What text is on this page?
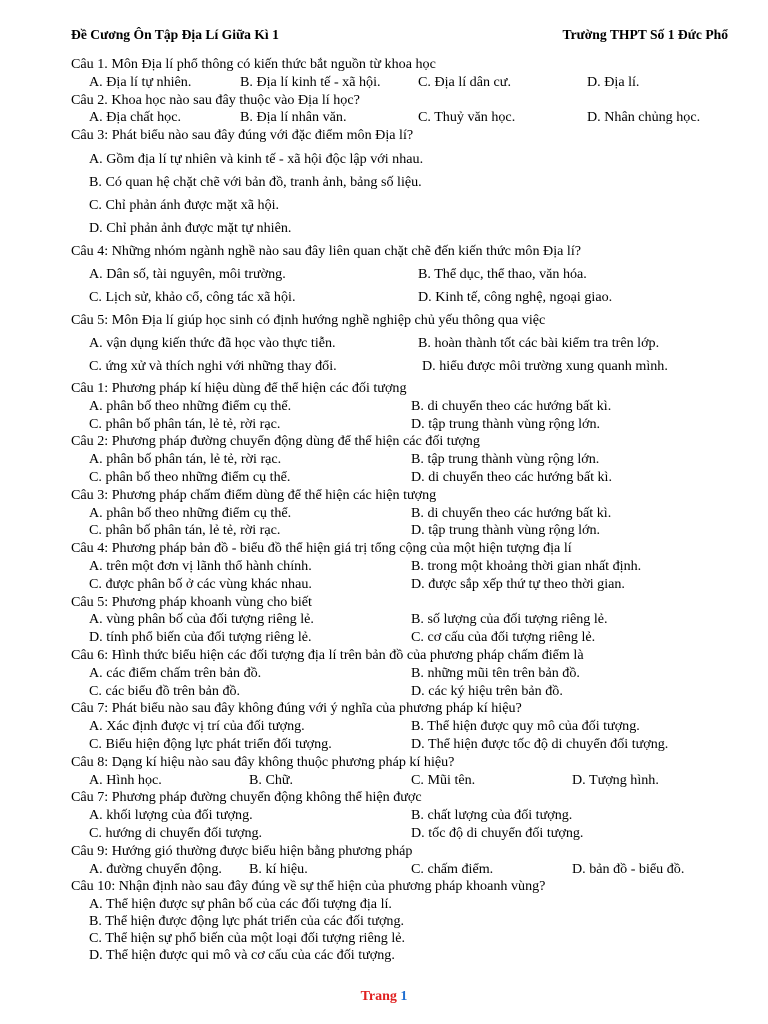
Đề Cương Ôn Tập Địa Lí Giữa Kì 1	Trường THPT Số 1 Đức Phổ
Câu 1. Môn Địa lí phổ thông có kiến thức bắt nguồn từ khoa học
A. Địa lí tự nhiên.	B. Địa lí kinh tế - xã hội.	C. Địa lí dân cư.	D. Địa lí.
Câu 2. Khoa học nào sau đây thuộc vào Địa lí học?
A. Địa chất học.	B. Địa lí nhân văn.	C. Thuỷ văn học.	D. Nhân chủng học.
Câu 3: Phát biểu nào sau đây đúng với đặc điểm môn Địa lí?
A. Gồm địa lí tự nhiên và kinh tế - xã hội độc lập với nhau.
B. Có quan hệ chặt chẽ với bản đồ, tranh ảnh, bảng số liệu.
C. Chỉ phản ánh được mặt xã hội.
D. Chỉ phản ảnh được mặt tự nhiên.
Câu 4: Những nhóm ngành nghề nào sau đây liên quan chặt chẽ đến kiến thức môn Địa lí?
A. Dân số, tài nguyên, môi trường.	B. Thể dục, thể thao, văn hóa.
C. Lịch sử, khảo cổ, công tác xã hội.	D. Kinh tế, công nghệ, ngoại giao.
Câu 5: Môn Địa lí giúp học sinh có định hướng nghề nghiệp chủ yếu thông qua việc
A. vận dụng kiến thức đã học vào thực tiễn.	B. hoàn thành tốt các bài kiểm tra trên lớp.
C. ứng xử và thích nghi với những thay đổi.	D. hiểu được môi trường xung quanh mình.
Câu 1: Phương pháp kí hiệu dùng để thể hiện các đối tượng
A. phân bố theo những điểm cụ thể.	B. di chuyển theo các hướng bất kì.
C. phân bố phân tán, lẻ tẻ, rời rạc.	D. tập trung thành vùng rộng lớn.
Câu 2: Phương pháp đường chuyển động dùng để thể hiện các đối tượng
A. phân bố phân tán, lẻ tẻ, rời rạc.	B. tập trung thành vùng rộng lớn.
C. phân bố theo những điểm cụ thể.	D. di chuyển theo các hướng bất kì.
Câu 3: Phương pháp chấm điểm dùng để thể hiện các hiện tượng
A. phân bố theo những điểm cụ thể.	B. di chuyển theo các hướng bất kì.
C. phân bố phân tán, lẻ tẻ, rời rạc.	D. tập trung thành vùng rộng lớn.
Câu 4: Phương pháp bản đồ - biểu đồ thể hiện giá trị tổng cộng của một hiện tượng địa lí
A. trên một đơn vị lãnh thổ hành chính.	B. trong một khoảng thời gian nhất định.
C. được phân bố ở các vùng khác nhau.	D. được sắp xếp thứ tự theo thời gian.
Câu 5: Phương pháp khoanh vùng cho biết
A. vùng phân bố của đối tượng riêng lẻ.	B. số lượng của đối tượng riêng lẻ.
D. tính phổ biến của đối tượng riêng lẻ.	C. cơ cấu của đối tượng riêng lẻ.
Câu 6: Hình thức biểu hiện các đối tượng địa lí trên bản đồ của phương pháp chấm điểm là
A. các điểm chấm trên bản đồ.	B. những mũi tên trên bản đồ.
C. các biểu đồ trên bản đồ.	D. các ký hiệu trên bản đồ.
Câu 7: Phát biểu nào sau đây không đúng với ý nghĩa của phương pháp kí hiệu?
A. Xác định được vị trí của đối tượng.	B. Thể hiện được quy mô của đối tượng.
C. Biểu hiện động lực phát triển đối tượng.	D. Thể hiện được tốc độ di chuyển đối tượng.
Câu 8: Dạng kí hiệu nào sau đây không thuộc phương pháp kí hiệu?
A. Hình học.	B. Chữ.	C. Mũi tên.	D. Tượng hình.
Câu 7: Phương pháp đường chuyển động không thể hiện được
A. khối lượng của đối tượng.	B. chất lượng của đối tượng.
C. hướng di chuyển đối tượng.	D. tốc độ di chuyển đối tượng.
Câu 9: Hướng gió thường được biểu hiện bằng phương pháp
A. đường chuyển động. B. kí hiệu.	C. chấm điểm.	D. bản đồ - biểu đồ.
Câu 10: Nhận định nào sau đây đúng về sự thể hiện của phương pháp khoanh vùng?
A. Thể hiện được sự phân bố của các đối tượng địa lí.
B. Thể hiện được động lực phát triển của các đối tượng.
C. Thể hiện sự phổ biến của một loại đối tượng riêng lẻ.
D. Thể hiện được qui mô và cơ cấu của các đối tượng.
Trang 1
